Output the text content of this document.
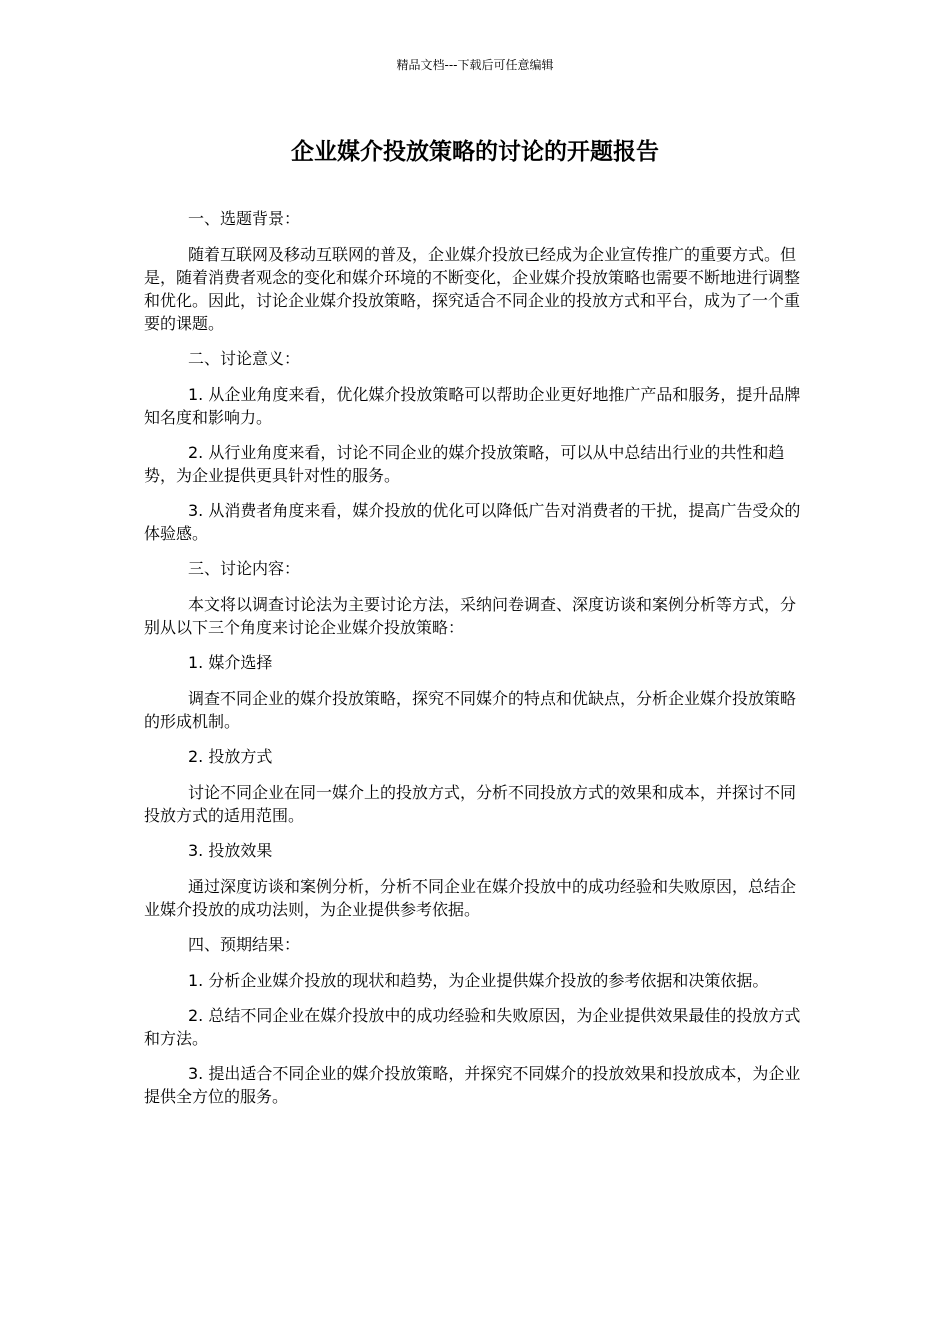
精品文档---下载后可任意编辑
企业媒介投放策略的讨论的开题报告

一、选题背景：

随着互联网及移动互联网的普及，企业媒介投放已经成为企业宣传推广的重要方式。但是，随着消费者观念的变化和媒介环境的不断变化，企业媒介投放策略也需要不断地进行调整和优化。因此，讨论企业媒介投放策略，探究适合不同企业的投放方式和平台，成为了一个重要的课题。

二、讨论意义：

1. 从企业角度来看，优化媒介投放策略可以帮助企业更好地推广产品和服务，提升品牌知名度和影响力。

2. 从行业角度来看，讨论不同企业的媒介投放策略，可以从中总结出行业的共性和趋势，为企业提供更具针对性的服务。

3. 从消费者角度来看，媒介投放的优化可以降低广告对消费者的干扰，提高广告受众的体验感。

三、讨论内容：

本文将以调查讨论法为主要讨论方法，采纳问卷调查、深度访谈和案例分析等方式，分别从以下三个角度来讨论企业媒介投放策略：

1. 媒介选择

调查不同企业的媒介投放策略，探究不同媒介的特点和优缺点，分析企业媒介投放策略的形成机制。

2. 投放方式

讨论不同企业在同一媒介上的投放方式，分析不同投放方式的效果和成本，并探讨不同投放方式的适用范围。

3. 投放效果

通过深度访谈和案例分析，分析不同企业在媒介投放中的成功经验和失败原因，总结企业媒介投放的成功法则，为企业提供参考依据。

四、预期结果：

1. 分析企业媒介投放的现状和趋势，为企业提供媒介投放的参考依据和决策依据。

2. 总结不同企业在媒介投放中的成功经验和失败原因，为企业提供效果最佳的投放方式和方法。

3. 提出适合不同企业的媒介投放策略，并探究不同媒介的投放效果和投放成本，为企业提供全方位的服务。
